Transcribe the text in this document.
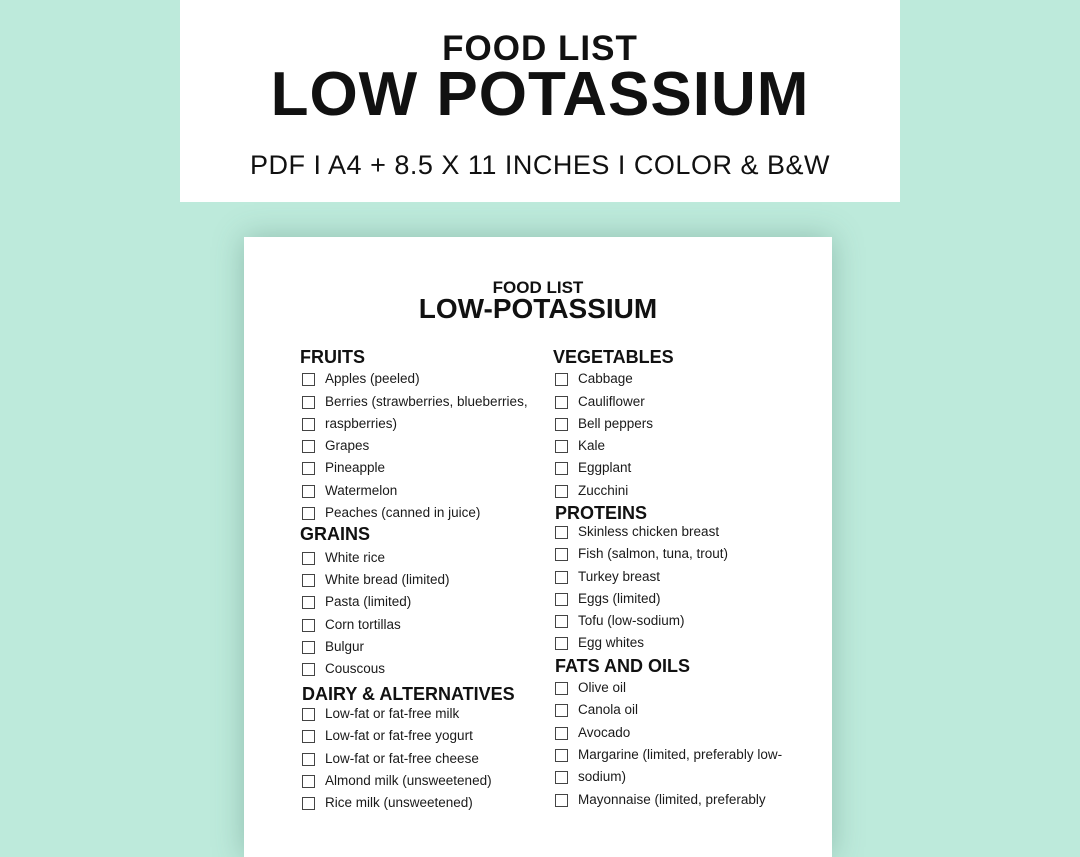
FOOD LIST
LOW POTASSIUM
PDF I A4 + 8.5 X 11 INCHES I COLOR & B&W
FOOD LIST
LOW-POTASSIUM
FRUITS
Apples (peeled)
Berries (strawberries, blueberries,
raspberries)
Grapes
Pineapple
Watermelon
Peaches (canned in juice)
GRAINS
White rice
White bread (limited)
Pasta (limited)
Corn tortillas
Bulgur
Couscous
DAIRY & ALTERNATIVES
Low-fat or fat-free milk
Low-fat or fat-free yogurt
Low-fat or fat-free cheese
Almond milk (unsweetened)
Rice milk (unsweetened)
VEGETABLES
Cabbage
Cauliflower
Bell peppers
Kale
Eggplant
Zucchini
PROTEINS
Skinless chicken breast
Fish (salmon, tuna, trout)
Turkey breast
Eggs (limited)
Tofu (low-sodium)
Egg whites
FATS AND OILS
Olive oil
Canola oil
Avocado
Margarine (limited, preferably low-
sodium)
Mayonnaise (limited, preferably
